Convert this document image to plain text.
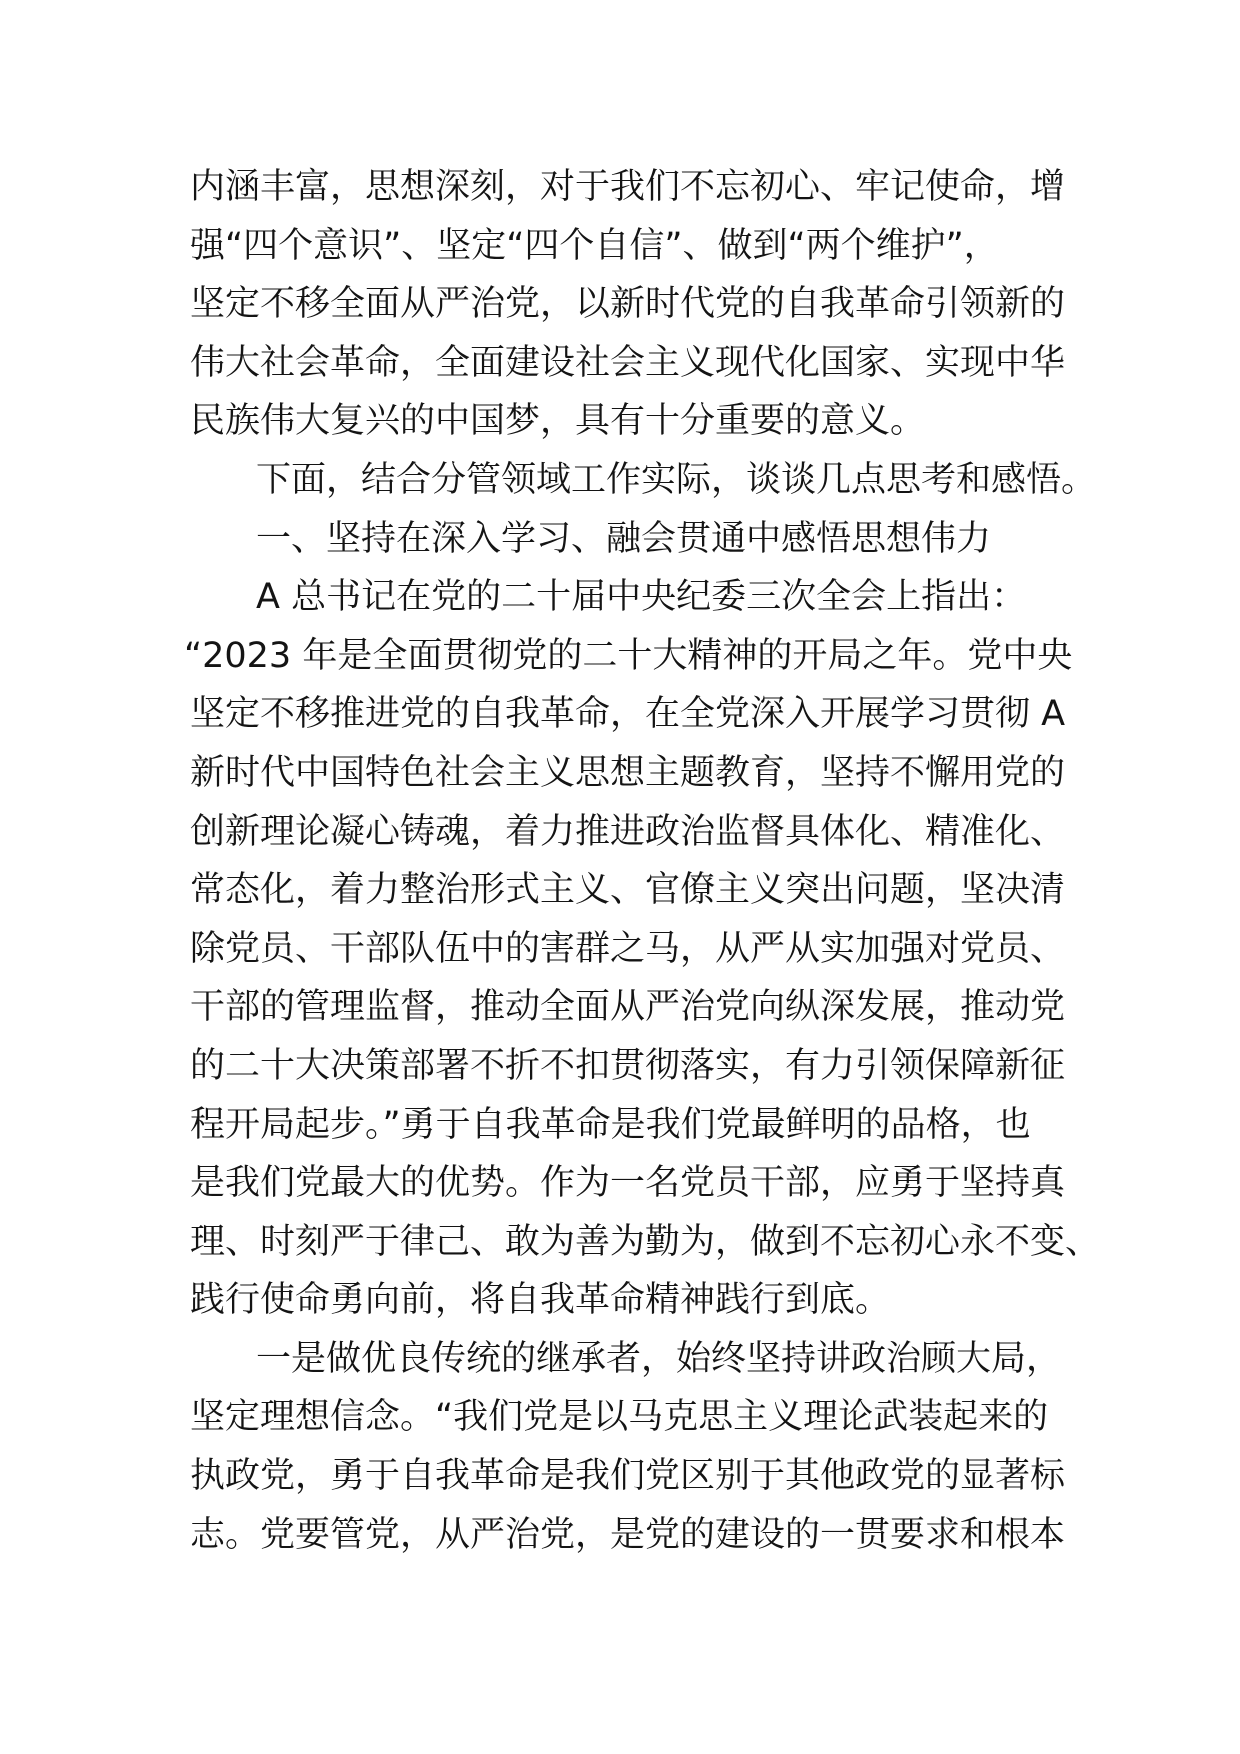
内涵丰富，思想深刻，对于我们不忘初心、牢记使命，增
强“四个意识”、坚定“四个自信”、做到“两个维护”，
坚定不移全面从严治党，以新时代党的自我革命引领新的
伟大社会革命，全面建设社会主义现代化国家、实现中华
民族伟大复兴的中国梦，具有十分重要的意义。
下面，结合分管领域工作实际，谈谈几点思考和感悟。
一、坚持在深入学习、融会贯通中感悟思想伟力
A 总书记在党的二十届中央纪委三次全会上指出：
“2023 年是全面贯彻党的二十大精神的开局之年。党中央
坚定不移推进党的自我革命，在全党深入开展学习贯彻 A
新时代中国特色社会主义思想主题教育，坚持不懈用党的
创新理论凝心铸魂，着力推进政治监督具体化、精准化、
常态化，着力整治形式主义、官僚主义突出问题，坚决清
除党员、干部队伍中的害群之马，从严从实加强对党员、
干部的管理监督，推动全面从严治党向纵深发展，推动党
的二十大决策部署不折不扣贯彻落实，有力引领保障新征
程开局起步。”勇于自我革命是我们党最鲜明的品格，也
是我们党最大的优势。作为一名党员干部，应勇于坚持真
理、时刻严于律己、敢为善为勤为，做到不忘初心永不变、
践行使命勇向前，将自我革命精神践行到底。
一是做优良传统的继承者，始终坚持讲政治顾大局，
坚定理想信念。“我们党是以马克思主义理论武装起来的
执政党，勇于自我革命是我们党区别于其他政党的显著标
志。党要管党，从严治党，是党的建设的一贯要求和根本
